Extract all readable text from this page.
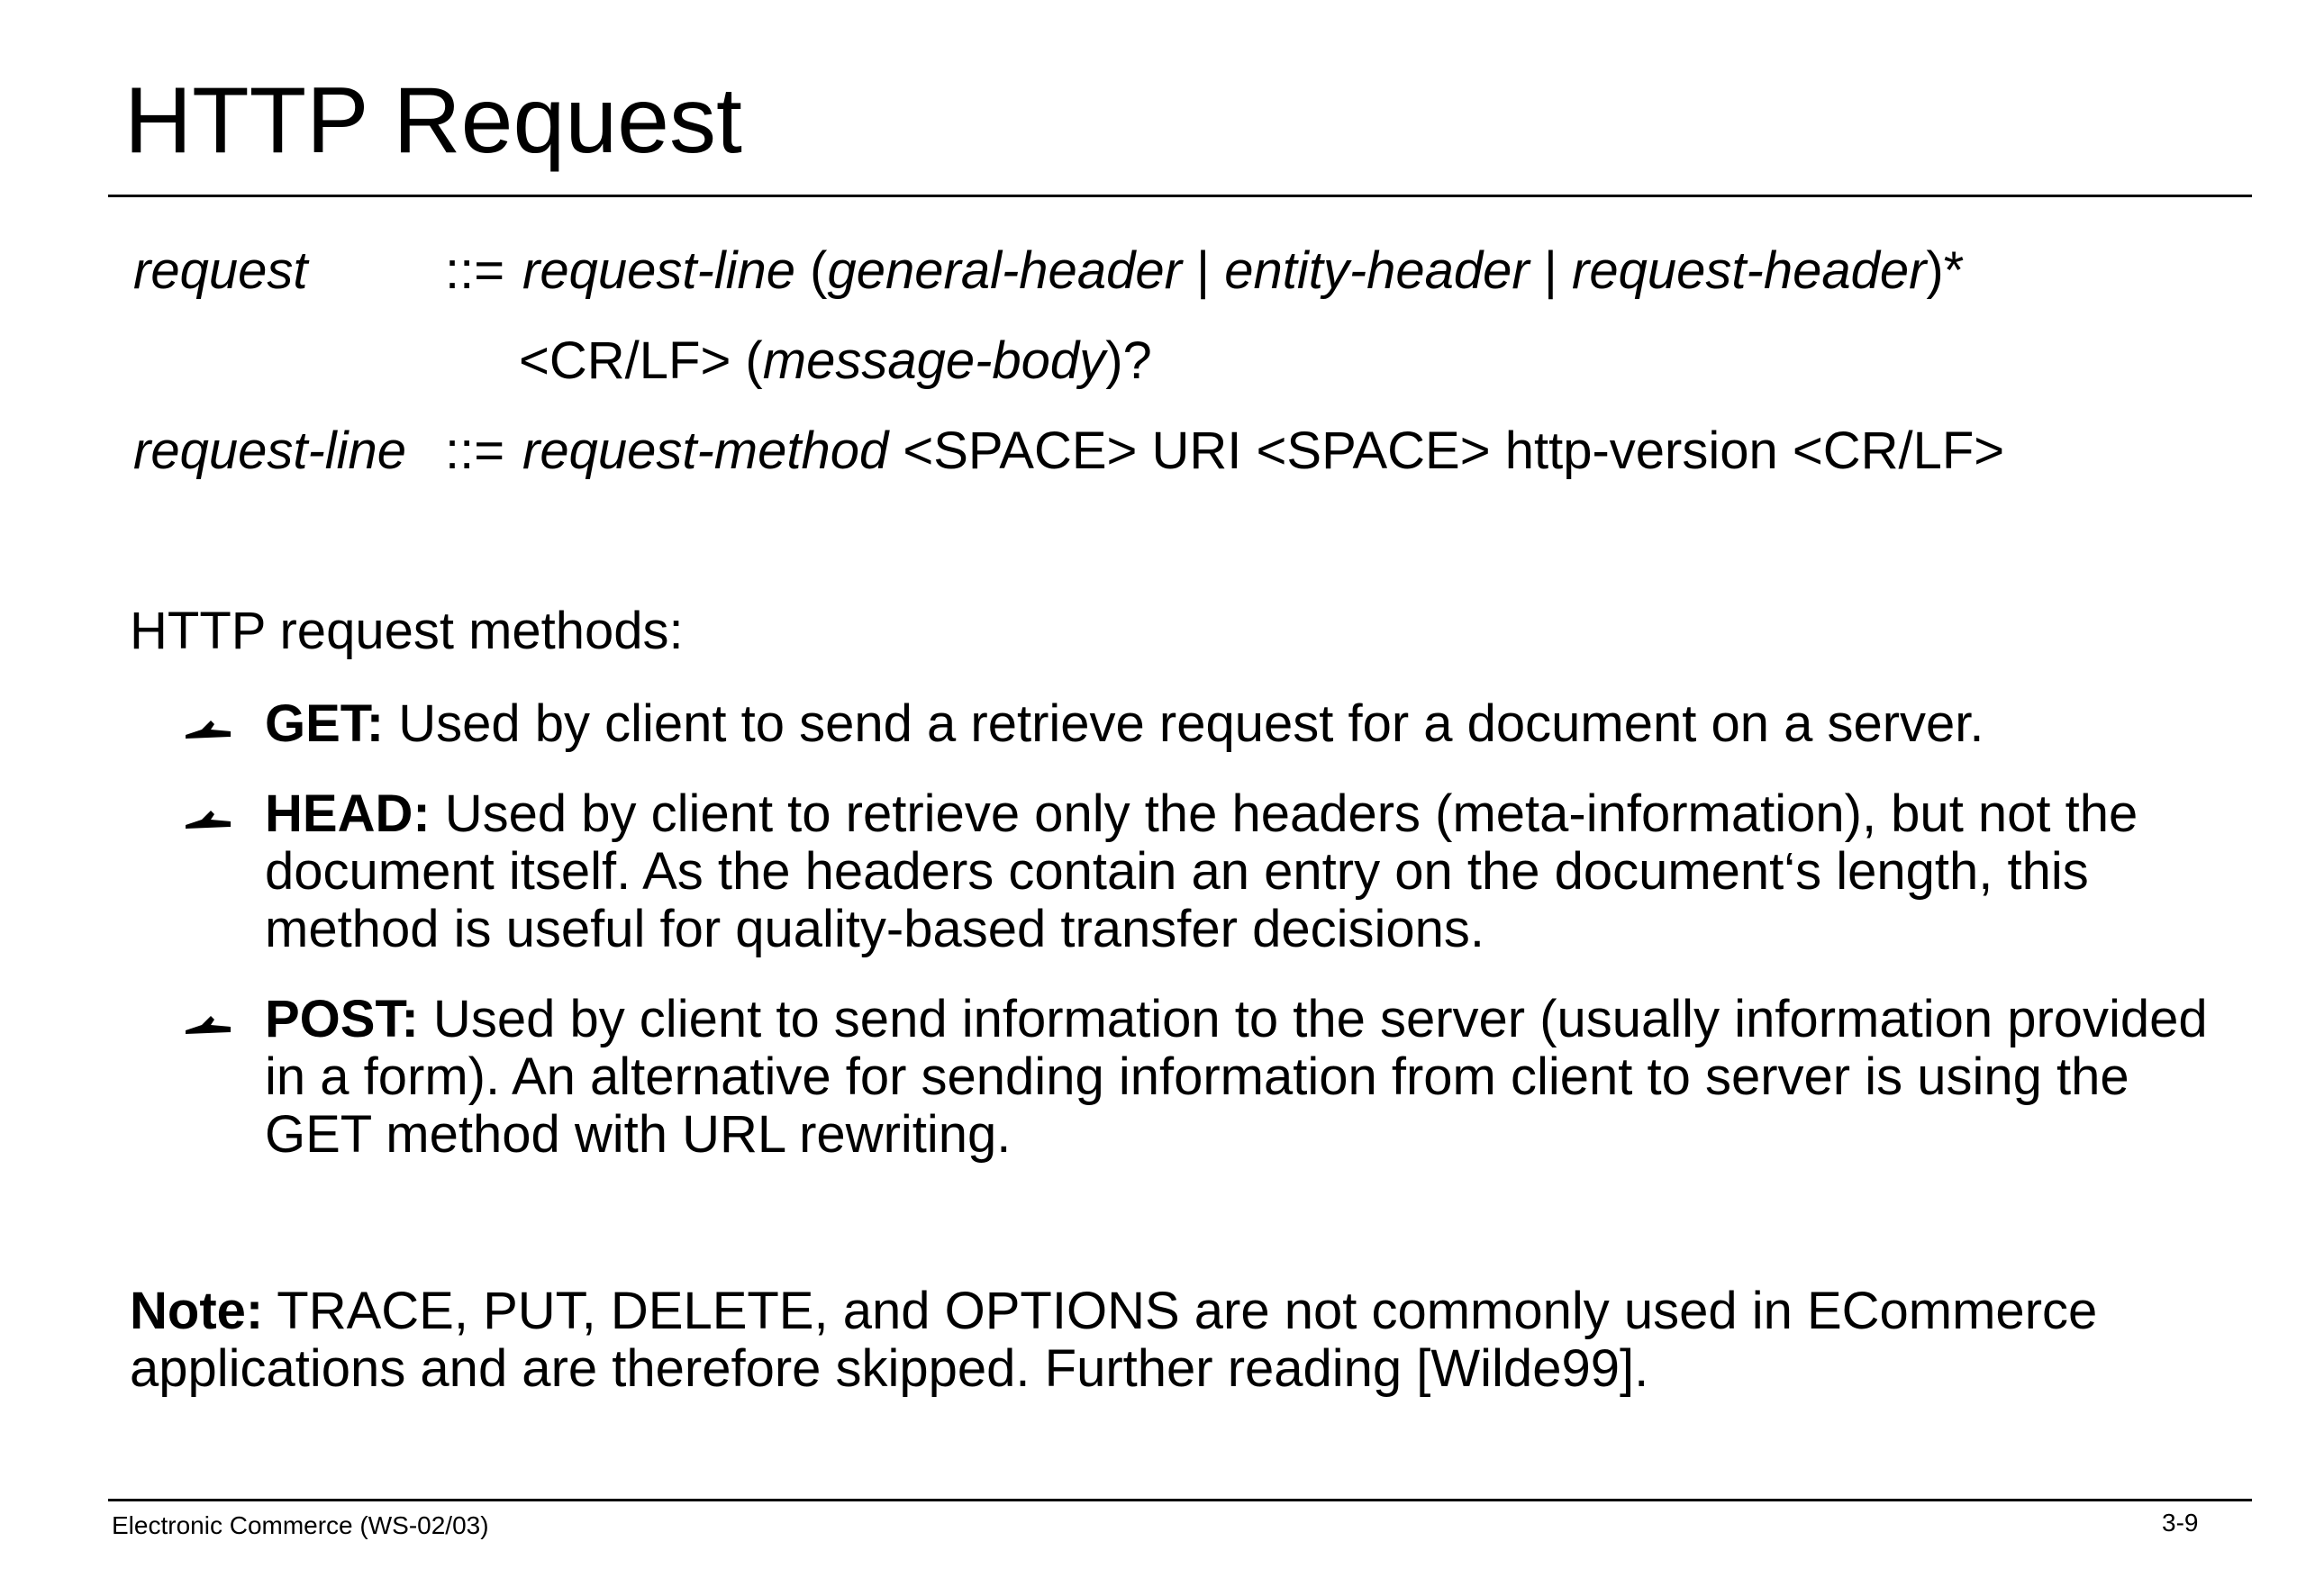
HTTP Request
request	::= request-line (general-header | entity-header | request-header)*
<CR/LF> (message-body)?
request-line ::= request-method <SPACE> URI <SPACE> http-version <CR/LF>
HTTP request methods:
GET: Used by client to send a retrieve request for a document on a server.
HEAD: Used by client to retrieve only the headers (meta-information), but not the document itself. As the headers contain an entry on the document‘s length, this method is useful for quality-based transfer decisions.
POST: Used by client to send information to the server (usually information provided in a form). An alternative for sending information from client to server is using the GET method with URL rewriting.
Note: TRACE, PUT, DELETE, and OPTIONS are not commonly used in ECommerce applications and are therefore skipped. Further reading [Wilde99].
Electronic Commerce (WS-02/03)	3-9
